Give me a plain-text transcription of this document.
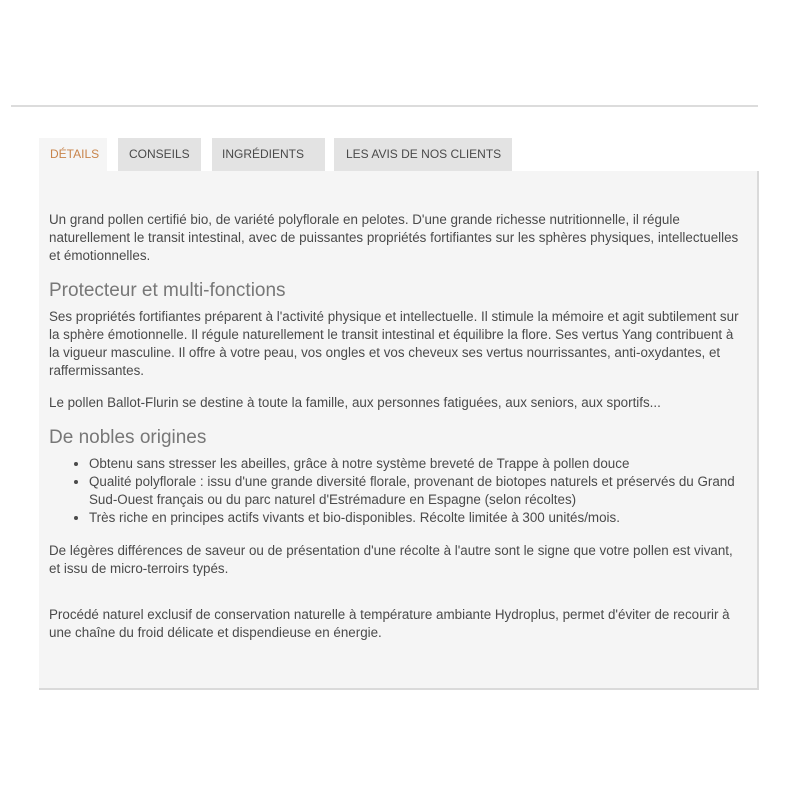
DÉTAILS	CONSEILS	INGRÉDIENTS	LES AVIS DE NOS CLIENTS

Un grand pollen certifié bio, de variété polyflorale en pelotes. D'une grande richesse nutritionnelle, il régule naturellement le transit intestinal, avec de puissantes propriétés fortifiantes sur les sphères physiques, intellectuelles et émotionnelles.

Protecteur et multi-fonctions

Ses propriétés fortifiantes préparent à l'activité physique et intellectuelle. Il stimule la mémoire et agit subtilement sur la sphère émotionnelle. Il régule naturellement le transit intestinal et équilibre la flore. Ses vertus Yang contribuent à la vigueur masculine. Il offre à votre peau, vos ongles et vos cheveux ses vertus nourrissantes, anti-oxydantes, et raffermissantes.

Le pollen Ballot-Flurin se destine à toute la famille, aux personnes fatiguées, aux seniors, aux sportifs...

De nobles origines
• Obtenu sans stresser les abeilles, grâce à notre système breveté de Trappe à pollen douce
• Qualité polyflorale : issu d'une grande diversité florale, provenant de biotopes naturels et préservés du Grand Sud-Ouest français ou du parc naturel d'Estrémadure en Espagne (selon récoltes)
• Très riche en principes actifs vivants et bio-disponibles. Récolte limitée à 300 unités/mois.

De légères différences de saveur ou de présentation d'une récolte à l'autre sont le signe que votre pollen est vivant, et issu de micro-terroirs typés.

Procédé naturel exclusif de conservation naturelle à température ambiante Hydroplus, permet d'éviter de recourir à une chaîne du froid délicate et dispendieuse en énergie.
